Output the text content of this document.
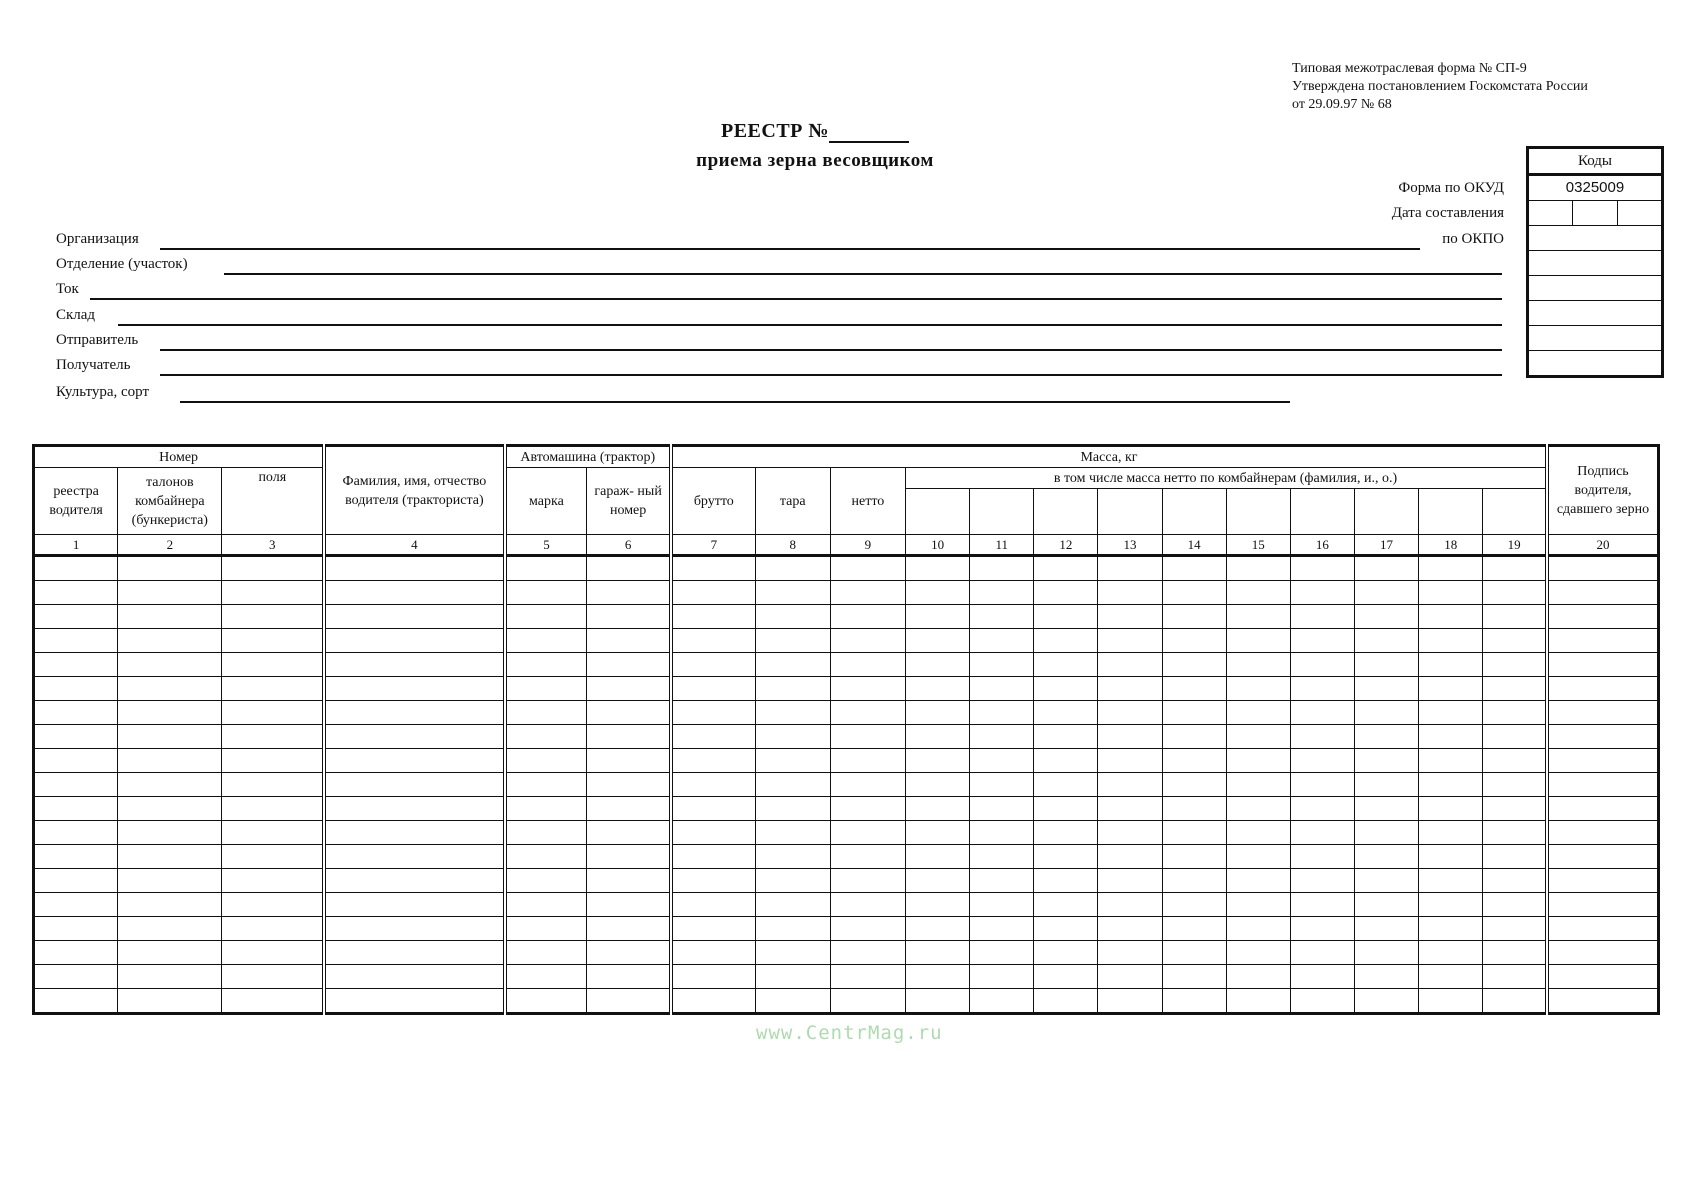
Типовая межотраслевая форма № СП-9
Утверждена постановлением Госкомстата России
от 29.09.97 № 68
РЕЕСТР №
приема зерна весовщиком
Форма по ОКУД
Дата составления
по ОКПО
Коды
0325009
Организация
Отделение (участок)
Ток
Склад
Отправитель
Получатель
Культура, сорт
Номер			Фамилия, имя, отчество водителя (тракториста)	Автомашина (трактор)		Масса, кг													Подпись водителя, сдавшего зерно
реестра водителя	талонов комбайнера (бункериста)	поля		марка	гараж- ный номер	брутто	тара	нетто	в том числе масса нетто по комбайнерам (фамилия, и., о.)										

1	2	3	4	5	6	7	8	9	10	11	12	13	14	15	16	17	18	19	20

www.CentrMag.ru
